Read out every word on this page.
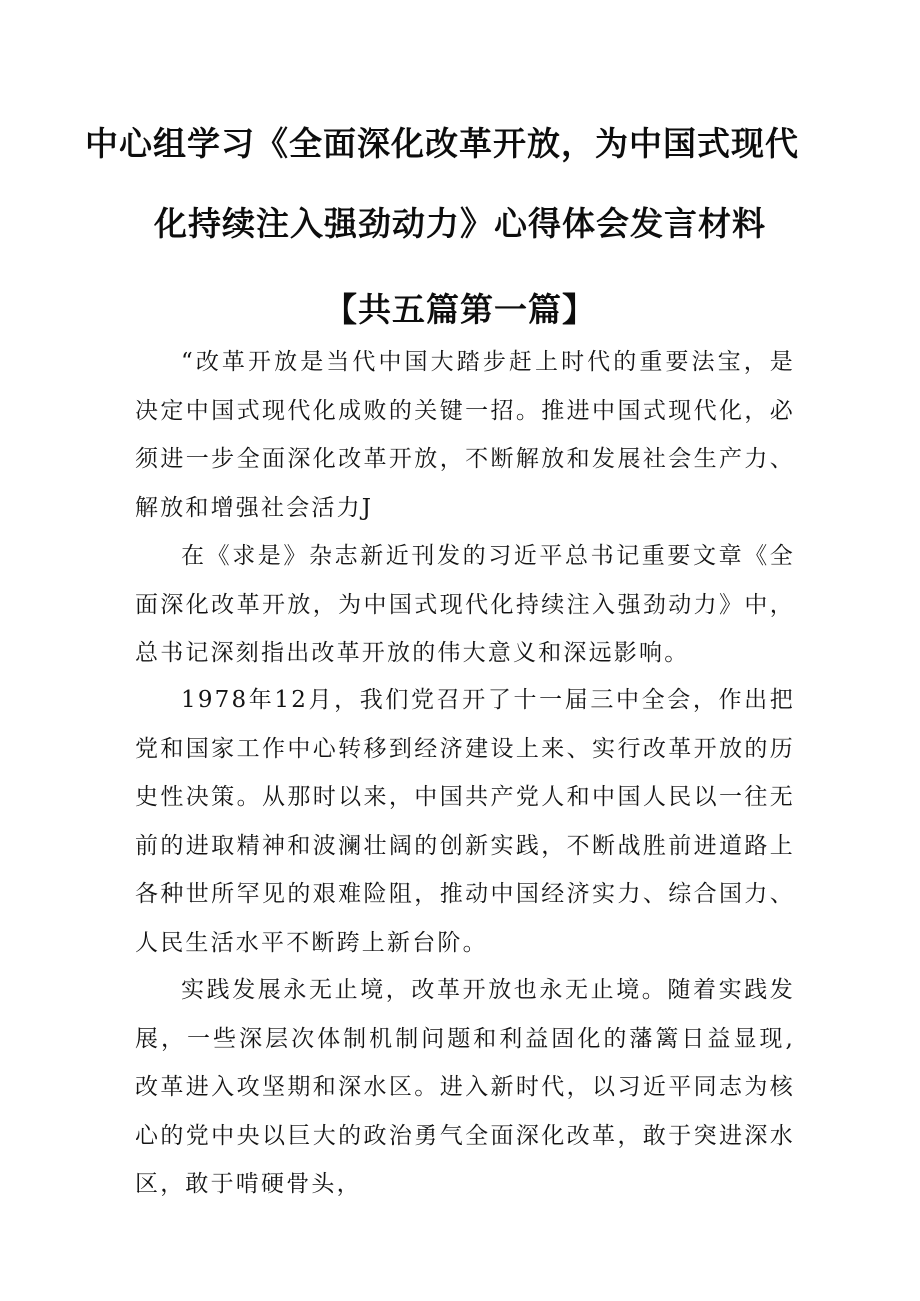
中心组学习《全面深化改革开放，为中国式现代
化持续注入强劲动力》心得体会发言材料
【共五篇第一篇】

“改革开放是当代中国大踏步赶上时代的重要法宝，是决定中国式现代化成败的关键一招。推进中国式现代化，必须进一步全面深化改革开放，不断解放和发展社会生产力、解放和增强社会活力J

在《求是》杂志新近刊发的习近平总书记重要文章《全面深化改革开放，为中国式现代化持续注入强劲动力》中，总书记深刻指出改革开放的伟大意义和深远影响。

1978年12月，我们党召开了十一届三中全会，作出把党和国家工作中心转移到经济建设上来、实行改革开放的历史性决策。从那时以来，中国共产党人和中国人民以一往无前的进取精神和波澜壮阔的创新实践，不断战胜前进道路上各种世所罕见的艰难险阻，推动中国经济实力、综合国力、人民生活水平不断跨上新台阶。

实践发展永无止境，改革开放也永无止境。随着实践发展，一些深层次体制机制问题和利益固化的藩篱日益显现,改革进入攻坚期和深水区。进入新时代，以习近平同志为核心的党中央以巨大的政治勇气全面深化改革，敢于突进深水区，敢于啃硬骨头，
